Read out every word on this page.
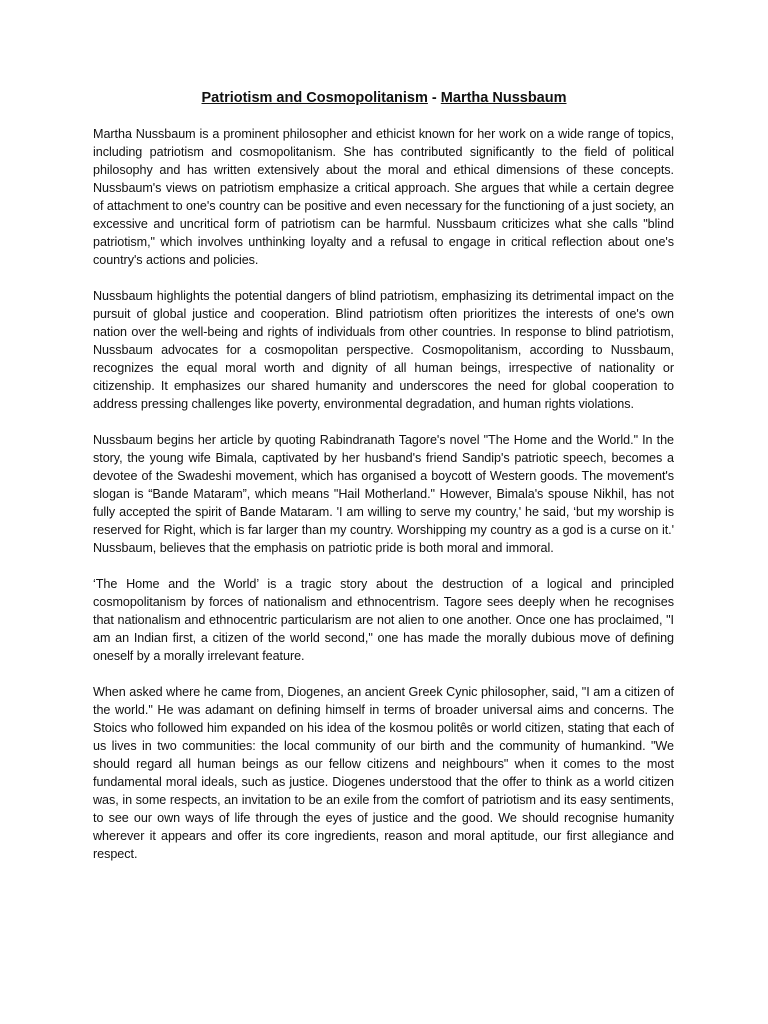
Patriotism and Cosmopolitanism - Martha Nussbaum

Martha Nussbaum is a prominent philosopher and ethicist known for her work on a wide range of topics, including patriotism and cosmopolitanism. She has contributed significantly to the field of political philosophy and has written extensively about the moral and ethical dimensions of these concepts. Nussbaum's views on patriotism emphasize a critical approach. She argues that while a certain degree of attachment to one's country can be positive and even necessary for the functioning of a just society, an excessive and uncritical form of patriotism can be harmful. Nussbaum criticizes what she calls "blind patriotism," which involves unthinking loyalty and a refusal to engage in critical reflection about one's country's actions and policies.

Nussbaum highlights the potential dangers of blind patriotism, emphasizing its detrimental impact on the pursuit of global justice and cooperation. Blind patriotism often prioritizes the interests of one's own nation over the well-being and rights of individuals from other countries. In response to blind patriotism, Nussbaum advocates for a cosmopolitan perspective. Cosmopolitanism, according to Nussbaum, recognizes the equal moral worth and dignity of all human beings, irrespective of nationality or citizenship. It emphasizes our shared humanity and underscores the need for global cooperation to address pressing challenges like poverty, environmental degradation, and human rights violations.

Nussbaum begins her article by quoting Rabindranath Tagore's novel "The Home and the World." In the story, the young wife Bimala, captivated by her husband's friend Sandip's patriotic speech, becomes a devotee of the Swadeshi movement, which has organised a boycott of Western goods. The movement's slogan is “Bande Mataram”, which means "Hail Motherland." However, Bimala's spouse Nikhil, has not fully accepted the spirit of Bande Mataram. 'I am willing to serve my country,' he said, ‘but my worship is reserved for Right, which is far larger than my country. Worshipping my country as a god is a curse on it.' Nussbaum, believes that the emphasis on patriotic pride is both moral and immoral.

‘The Home and the World’ is a tragic story about the destruction of a logical and principled cosmopolitanism by forces of nationalism and ethnocentrism. Tagore sees deeply when he recognises that nationalism and ethnocentric particularism are not alien to one another. Once one has proclaimed, "I am an Indian first, a citizen of the world second," one has made the morally dubious move of defining oneself by a morally irrelevant feature.

When asked where he came from, Diogenes, an ancient Greek Cynic philosopher, said, "I am a citizen of the world." He was adamant on defining himself in terms of broader universal aims and concerns. The Stoics who followed him expanded on his idea of the kosmou politês or world citizen, stating that each of us lives in two communities: the local community of our birth and the community of humankind. "We should regard all human beings as our fellow citizens and neighbours" when it comes to the most fundamental moral ideals, such as justice. Diogenes understood that the offer to think as a world citizen was, in some respects, an invitation to be an exile from the comfort of patriotism and its easy sentiments, to see our own ways of life through the eyes of justice and the good. We should recognise humanity wherever it appears and offer its core ingredients, reason and moral aptitude, our first allegiance and respect.
